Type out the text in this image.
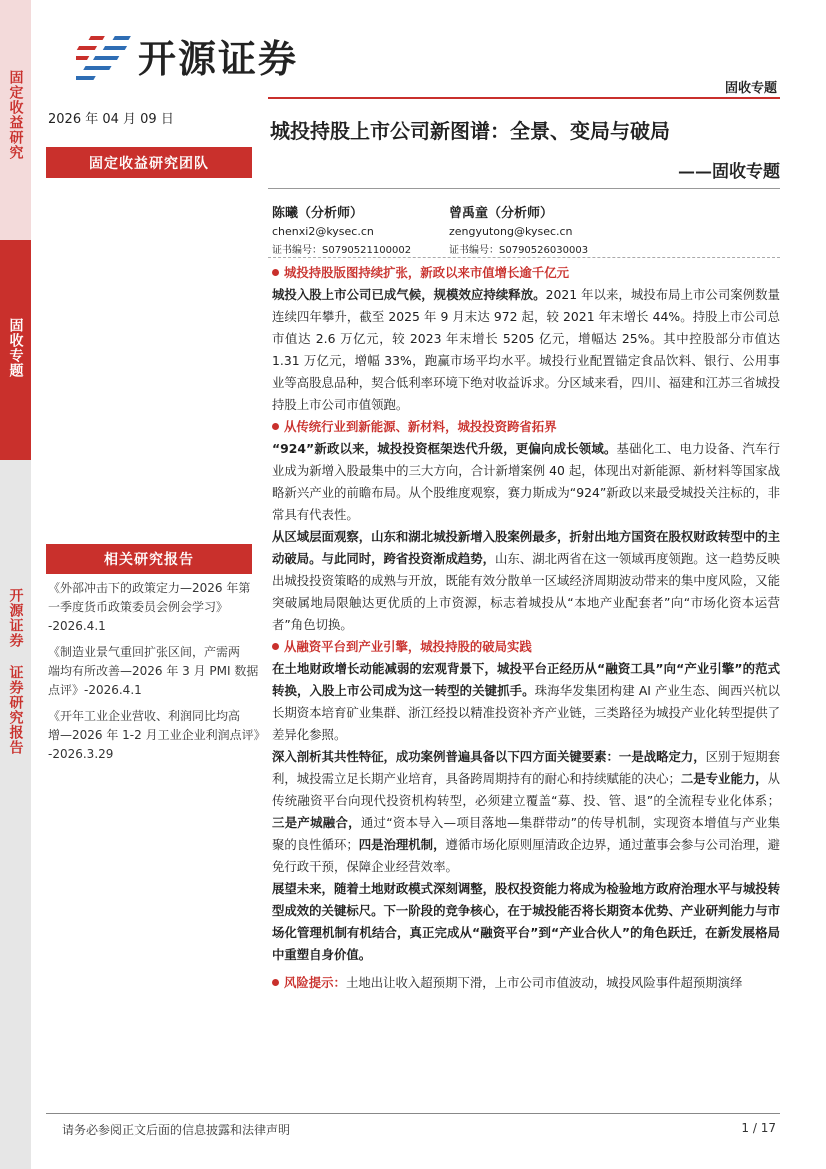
固定收益研究
固收专题
开源证券 证券研究报告
开源证券
固收专题
2026 年 04 月 09 日
固定收益研究团队
相关研究报告
《外部冲击下的政策定力—2026 年第
一季度货币政策委员会例会学习》
-2026.4.1
《制造业景气重回扩张区间，产需两
端均有所改善—2026 年 3 月 PMI 数据
点评》-2026.4.1
《开年工业企业营收、利润同比均高
增—2026 年 1-2 月工业企业利润点评》
-2026.3.29
城投持股上市公司新图谱：全景、变局与破局
——固收专题
陈曦（分析师）
chenxi2@kysec.cn
证书编号：S0790521100002
曾禹童（分析师）
zengyutong@kysec.cn
证书编号：S0790526030003

城投持股版图持续扩张，新政以来市值增长逾千亿元

城投入股上市公司已成气候，规模效应持续释放。2021 年以来，城投布局上市公司案例数量连续四年攀升，截至 2025 年 9 月末达 972 起，较 2021 年末增长 44%。持股上市公司总市值达 2.6 万亿元，较 2023 年末增长 5205 亿元，增幅达 25%。其中控股部分市值达 1.31 万亿元，增幅 33%，跑赢市场平均水平。城投行业配置锚定食品饮料、银行、公用事业等高股息品种，契合低利率环境下绝对收益诉求。分区域来看，四川、福建和江苏三省城投持股上市公司市值领跑。

从传统行业到新能源、新材料，城投投资跨省拓界

“924”新政以来，城投投资框架迭代升级，更偏向成长领域。基础化工、电力设备、汽车行业成为新增入股最集中的三大方向，合计新增案例 40 起，体现出对新能源、新材料等国家战略新兴产业的前瞻布局。从个股维度观察，赛力斯成为“924”新政以来最受城投关注标的，非常具有代表性。

从区域层面观察，山东和湖北城投新增入股案例最多，折射出地方国资在股权财政转型中的主动破局。与此同时，跨省投资渐成趋势，山东、湖北两省在这一领域再度领跑。这一趋势反映出城投投资策略的成熟与开放，既能有效分散单一区域经济周期波动带来的集中度风险，又能突破属地局限触达更优质的上市资源，标志着城投从“本地产业配套者”向“市场化资本运营者”角色切换。

从融资平台到产业引擎，城投持股的破局实践

在土地财政增长动能减弱的宏观背景下，城投平台正经历从“融资工具”向“产业引擎”的范式转换，入股上市公司成为这一转型的关键抓手。珠海华发集团构建 AI 产业生态、闽西兴杭以长期资本培育矿业集群、浙江经投以精准投资补齐产业链，三类路径为城投产业化转型提供了差异化参照。

深入剖析其共性特征，成功案例普遍具备以下四方面关键要素：一是战略定力，区别于短期套利，城投需立足长期产业培育，具备跨周期持有的耐心和持续赋能的决心；二是专业能力，从传统融资平台向现代投资机构转型，必须建立覆盖“募、投、管、退”的全流程专业化体系；三是产城融合，通过“资本导入—项目落地—集群带动”的传导机制，实现资本增值与产业集聚的良性循环；四是治理机制，遵循市场化原则厘清政企边界，通过董事会参与公司治理，避免行政干预，保障企业经营效率。

展望未来，随着土地财政模式深刻调整，股权投资能力将成为检验地方政府治理水平与城投转型成效的关键标尺。下一阶段的竞争核心，在于城投能否将长期资本优势、产业研判能力与市场化管理机制有机结合，真正完成从“融资平台”到“产业合伙人”的角色跃迁，在新发展格局中重塑自身价值。

风险提示：土地出让收入超预期下滑，上市公司市值波动，城投风险事件超预期演绎

请务必参阅正文后面的信息披露和法律声明	1 / 17
